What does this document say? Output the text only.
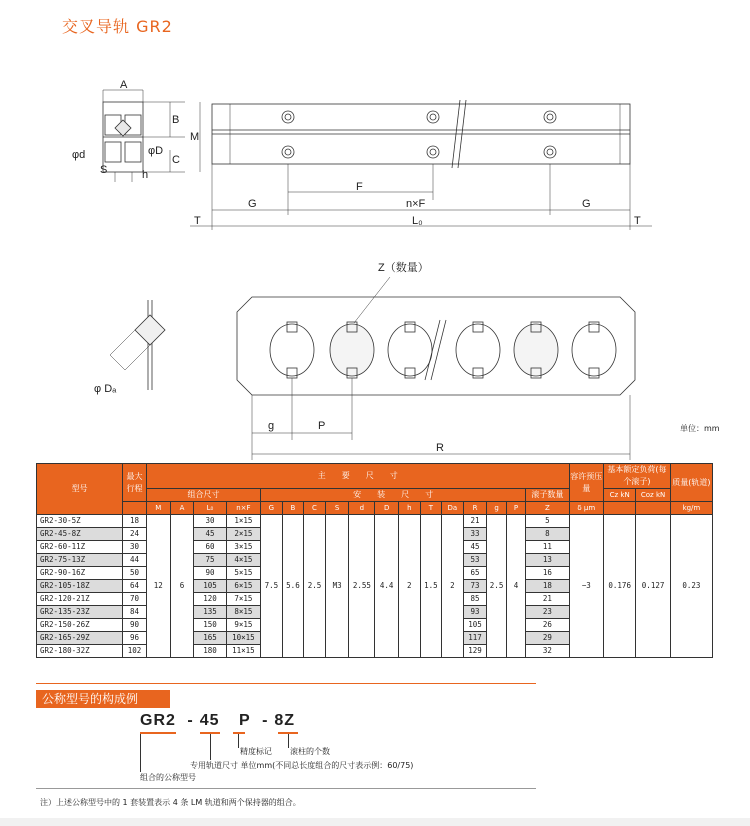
交叉导轨 GR2
A
B
M
C
φd	φD
S	h
F
n×F
G	G
L₀
T	T
Z（数量）
φ Dₐ
g	P
R
单位：mm
型号	最大行程	主　　要　　尺　　寸																	容许预压量	基本额定负荷(每个滚子)		质量(轨道)
		组合尺寸				安　　装　　尺　　寸												滚子数量		Cz kN	Coz kN	
		M	A	L₀	n×F	G	B	C	S	d	D	h	T	Da	R	g	P	Z	δ μm			kg/m
GR2-30-5Z	18	12	6	30	1×15	7.5	5.6	2.5	M3	2.55	4.4	2	1.5	2	21	2.5	4	5	−3	0.176	0.127	0.23
GR2-45-8Z	24			45	2×15										33			8				
GR2-60-11Z	30			60	3×15										45			11				
GR2-75-13Z	44			75	4×15										53			13				
GR2-90-16Z	50			90	5×15										65			16				
GR2-105-18Z	64			105	6×15										73			18				
GR2-120-21Z	70			120	7×15										85			21				
GR2-135-23Z	84			135	8×15										93			23				
GR2-150-26Z	90			150	9×15										105			26				
GR2-165-29Z	96			165	10×15										117			29				
GR2-180-32Z	102			180	11×15										129			32				
公称型号的构成例
GR2 - 45 P - 8Z
精度标记 滚柱的个数
专用轨道尺寸 单位mm(不同总长度组合的尺寸表示例：60/75)
组合的公称型号
注）上述公称型号中的 1 套装置表示 4 条 LM 轨道和两个保持器的组合。
